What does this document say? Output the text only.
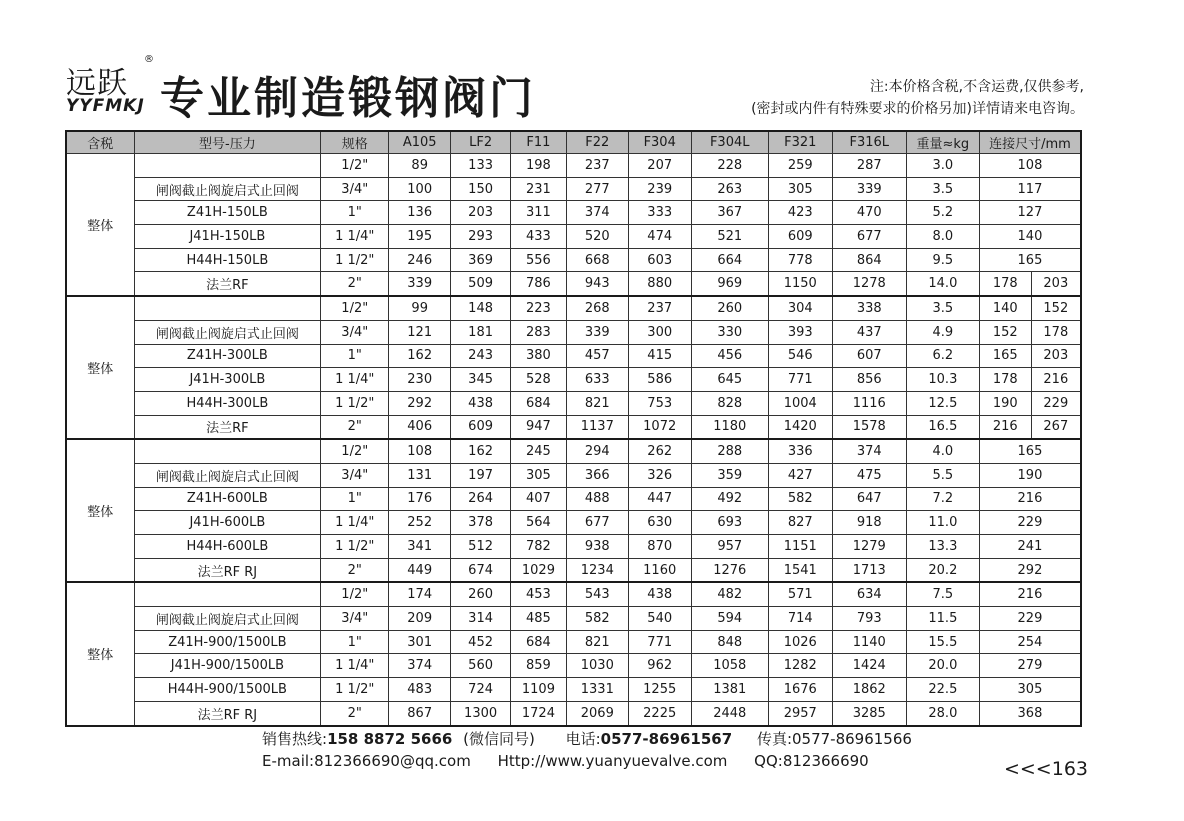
远跃
®
YYFMKJ 专业制造锻钢阀门	注:本价格含税,不含运费,仅供参考,
(密封或内件有特殊要求的价格另加)详情请来电咨询。
含税	型号-压力	规格	A105	LF2	F11	F22	F304	F304L	F321	F316L	重量≈kg	连接尺寸/mm	
整体		1/2"	89	133	198	237	207	228	259	287	3.0	108	
	闸阀截止阀旋启式止回阀	3/4"	100	150	231	277	239	263	305	339	3.5	117	
	Z41H-150LB	1"	136	203	311	374	333	367	423	470	5.2	127	
	J41H-150LB	1 1/4"	195	293	433	520	474	521	609	677	8.0	140	
	H44H-150LB	1 1/2"	246	369	556	668	603	664	778	864	9.5	165	
	法兰RF	2"	339	509	786	943	880	969	1150	1278	14.0	178	203
整体		1/2"	99	148	223	268	237	260	304	338	3.5	140	152
	闸阀截止阀旋启式止回阀	3/4"	121	181	283	339	300	330	393	437	4.9	152	178
	Z41H-300LB	1"	162	243	380	457	415	456	546	607	6.2	165	203
	J41H-300LB	1 1/4"	230	345	528	633	586	645	771	856	10.3	178	216
	H44H-300LB	1 1/2"	292	438	684	821	753	828	1004	1116	12.5	190	229
	法兰RF	2"	406	609	947	1137	1072	1180	1420	1578	16.5	216	267
整体		1/2"	108	162	245	294	262	288	336	374	4.0	165	
	闸阀截止阀旋启式止回阀	3/4"	131	197	305	366	326	359	427	475	5.5	190	
	Z41H-600LB	1"	176	264	407	488	447	492	582	647	7.2	216	
	J41H-600LB	1 1/4"	252	378	564	677	630	693	827	918	11.0	229	
	H44H-600LB	1 1/2"	341	512	782	938	870	957	1151	1279	13.3	241	
	法兰RF RJ	2"	449	674	1029	1234	1160	1276	1541	1713	20.2	292	
整体		1/2"	174	260	453	543	438	482	571	634	7.5	216	
	闸阀截止阀旋启式止回阀	3/4"	209	314	485	582	540	594	714	793	11.5	229	
	Z41H-900/1500LB	1"	301	452	684	821	771	848	1026	1140	15.5	254	
	J41H-900/1500LB	1 1/4"	374	560	859	1030	962	1058	1282	1424	20.0	279	
	H44H-900/1500LB	1 1/2"	483	724	1109	1331	1255	1381	1676	1862	22.5	305	
	法兰RF RJ	2"	867	1300	1724	2069	2225	2448	2957	3285	28.0	368	
销售热线:158 8872 5666 (微信同号) 电话:0577-86961567 传真:0577-86961566
E-mail:812366690@qq.com Http://www.yuanyuevalve.com QQ:812366690	<<<163
